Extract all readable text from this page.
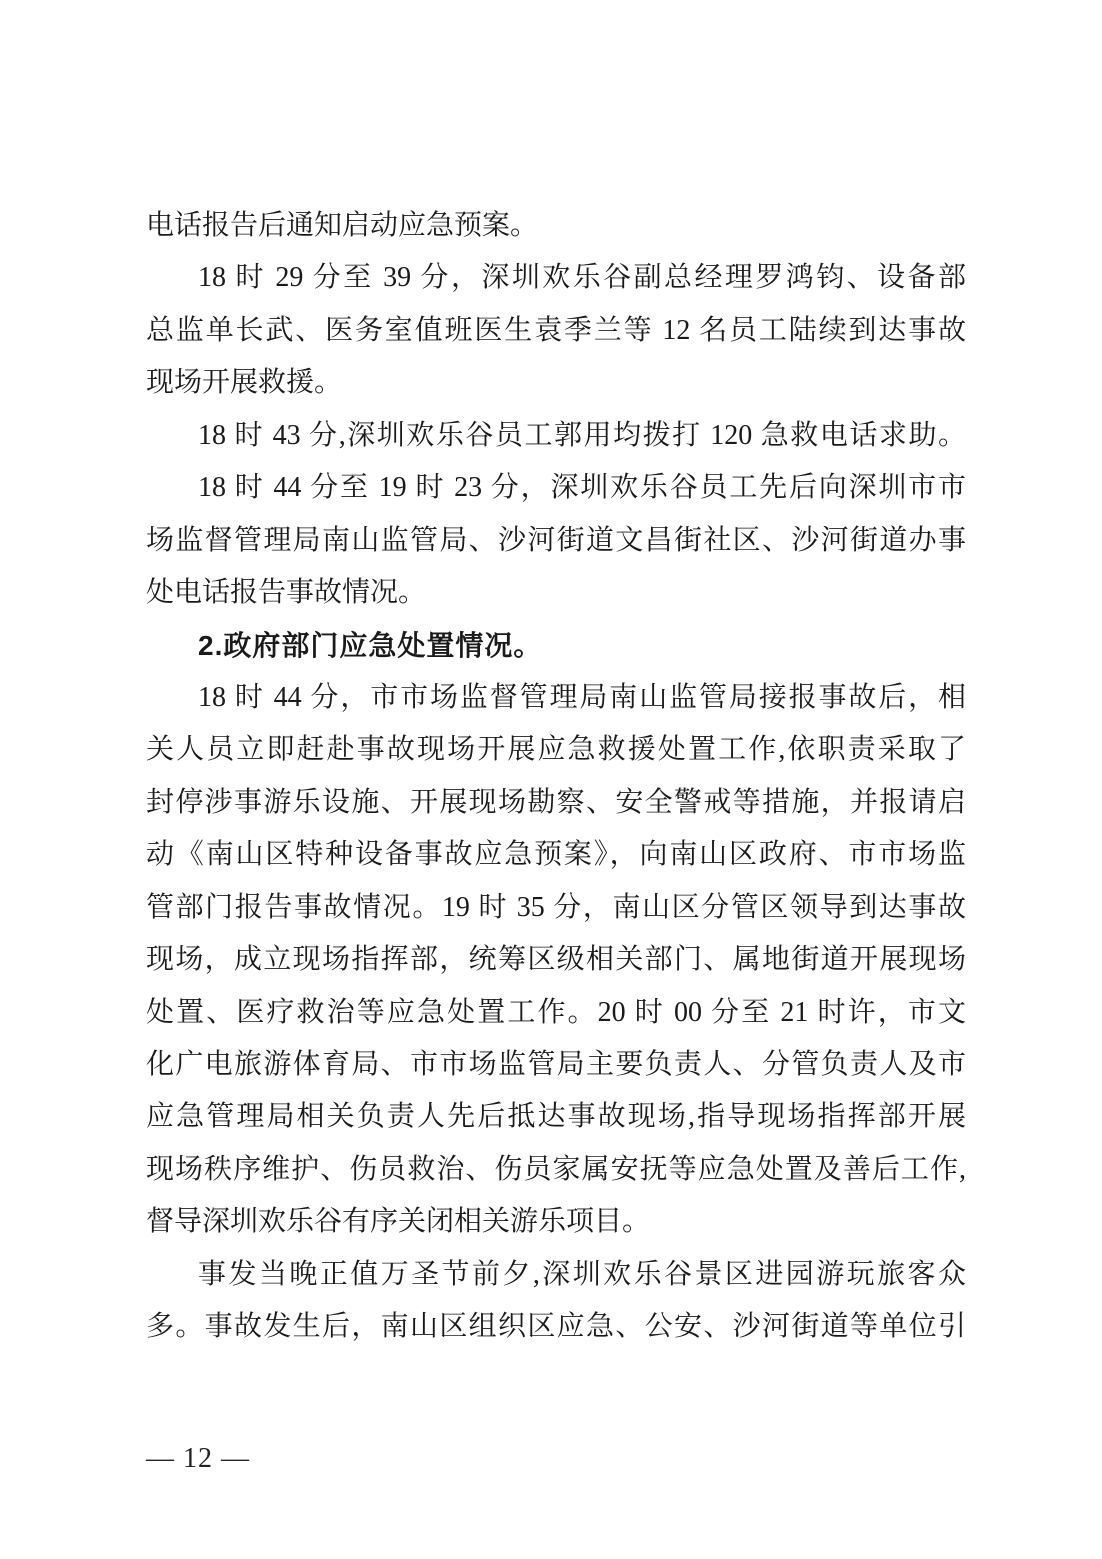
电话报告后通知启动应急预案。
18 时 29 分至 39 分，深圳欢乐谷副总经理罗鸿钧、设备部
总监单长武、医务室值班医生袁季兰等 12 名员工陆续到达事故
现场开展救援。
18 时 43 分,深圳欢乐谷员工郭用均拨打 120 急救电话求助。
18 时 44 分至 19 时 23 分，深圳欢乐谷员工先后向深圳市市
场监督管理局南山监管局、沙河街道文昌街社区、沙河街道办事
处电话报告事故情况。
2.政府部门应急处置情况。
18 时 44 分，市市场监督管理局南山监管局接报事故后，相
关人员立即赶赴事故现场开展应急救援处置工作,依职责采取了
封停涉事游乐设施、开展现场勘察、安全警戒等措施，并报请启
动《南山区特种设备事故应急预案》，向南山区政府、市市场监
管部门报告事故情况。19 时 35 分，南山区分管区领导到达事故
现场，成立现场指挥部，统筹区级相关部门、属地街道开展现场
处置、医疗救治等应急处置工作。20 时 00 分至 21 时许，市文
化广电旅游体育局、市市场监管局主要负责人、分管负责人及市
应急管理局相关负责人先后抵达事故现场,指导现场指挥部开展
现场秩序维护、伤员救治、伤员家属安抚等应急处置及善后工作,
督导深圳欢乐谷有序关闭相关游乐项目。
事发当晚正值万圣节前夕,深圳欢乐谷景区进园游玩旅客众
多。事故发生后，南山区组织区应急、公安、沙河街道等单位引
— 12 —
